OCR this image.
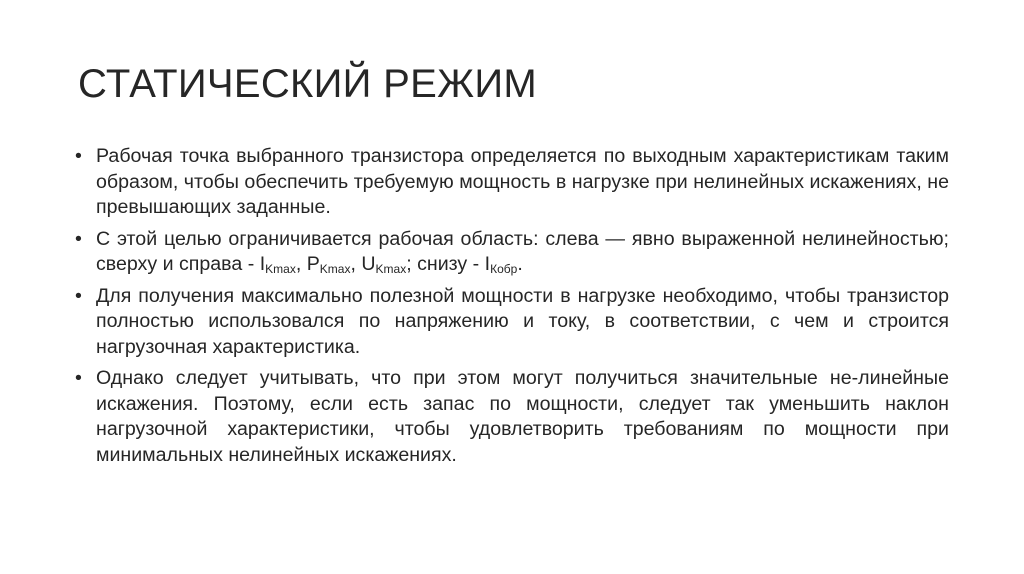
СТАТИЧЕСКИЙ РЕЖИМ
•
Рабочая точка выбранного транзистора определяется по выходным характеристикам таким образом, чтобы обеспечить требуемую мощность в нагрузке при нелинейных искажениях, не превышающих заданные.
•
С этой целью ограничивается рабочая область: слева — явно выраженной нелинейностью; сверху и справа - $I_{Kmax}$, $P_{Kmax}$, $U_{Kmax}$; снизу - $I_{Кобр}$.
•
Для получения максимально полезной мощности в нагрузке необходимо, чтобы транзистор полностью использовался по напряжению и току, в соответствии, с чем и строится нагрузочная характеристика.
•
Однако следует учитывать, что при этом могут получиться значительные не-линейные искажения. Поэтому, если есть запас по мощности, следует так уменьшить наклон нагрузочной характеристики, чтобы удовлетворить требованиям по мощности при минимальных нелинейных искажениях.
